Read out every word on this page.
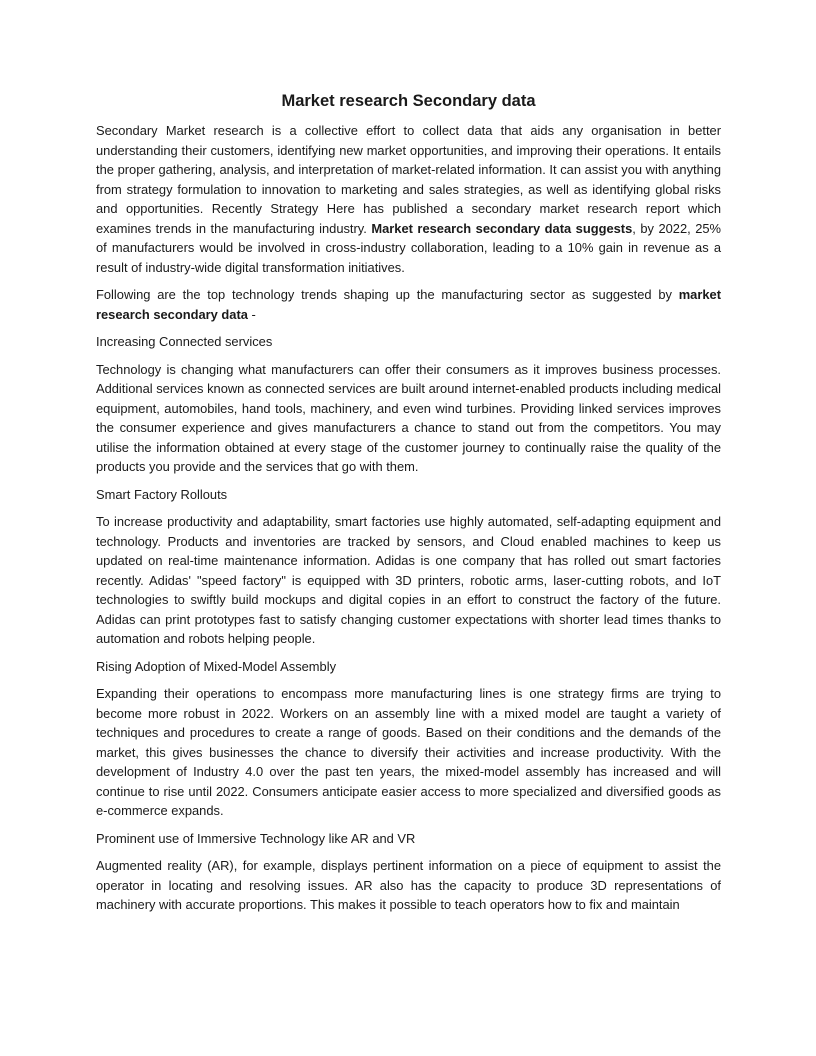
Market research Secondary data

Secondary Market research is a collective effort to collect data that aids any organisation in better understanding their customers, identifying new market opportunities, and improving their operations. It entails the proper gathering, analysis, and interpretation of market-related information. It can assist you with anything from strategy formulation to innovation to marketing and sales strategies, as well as identifying global risks and opportunities. Recently Strategy Here has published a secondary market research report which examines trends in the manufacturing industry. Market research secondary data suggests, by 2022, 25% of manufacturers would be involved in cross-industry collaboration, leading to a 10% gain in revenue as a result of industry-wide digital transformation initiatives.

Following are the top technology trends shaping up the manufacturing sector as suggested by market research secondary data -

Increasing Connected services

Technology is changing what manufacturers can offer their consumers as it improves business processes. Additional services known as connected services are built around internet-enabled products including medical equipment, automobiles, hand tools, machinery, and even wind turbines. Providing linked services improves the consumer experience and gives manufacturers a chance to stand out from the competitors. You may utilise the information obtained at every stage of the customer journey to continually raise the quality of the products you provide and the services that go with them.

Smart Factory Rollouts

To increase productivity and adaptability, smart factories use highly automated, self-adapting equipment and technology. Products and inventories are tracked by sensors, and Cloud enabled machines to keep us updated on real-time maintenance information. Adidas is one company that has rolled out smart factories recently. Adidas' "speed factory" is equipped with 3D printers, robotic arms, laser-cutting robots, and IoT technologies to swiftly build mockups and digital copies in an effort to construct the factory of the future. Adidas can print prototypes fast to satisfy changing customer expectations with shorter lead times thanks to automation and robots helping people.

Rising Adoption of Mixed-Model Assembly

Expanding their operations to encompass more manufacturing lines is one strategy firms are trying to become more robust in 2022. Workers on an assembly line with a mixed model are taught a variety of techniques and procedures to create a range of goods. Based on their conditions and the demands of the market, this gives businesses the chance to diversify their activities and increase productivity. With the development of Industry 4.0 over the past ten years, the mixed-model assembly has increased and will continue to rise until 2022. Consumers anticipate easier access to more specialized and diversified goods as e-commerce expands.

Prominent use of Immersive Technology like AR and VR

Augmented reality (AR), for example, displays pertinent information on a piece of equipment to assist the operator in locating and resolving issues. AR also has the capacity to produce 3D representations of machinery with accurate proportions. This makes it possible to teach operators how to fix and maintain
